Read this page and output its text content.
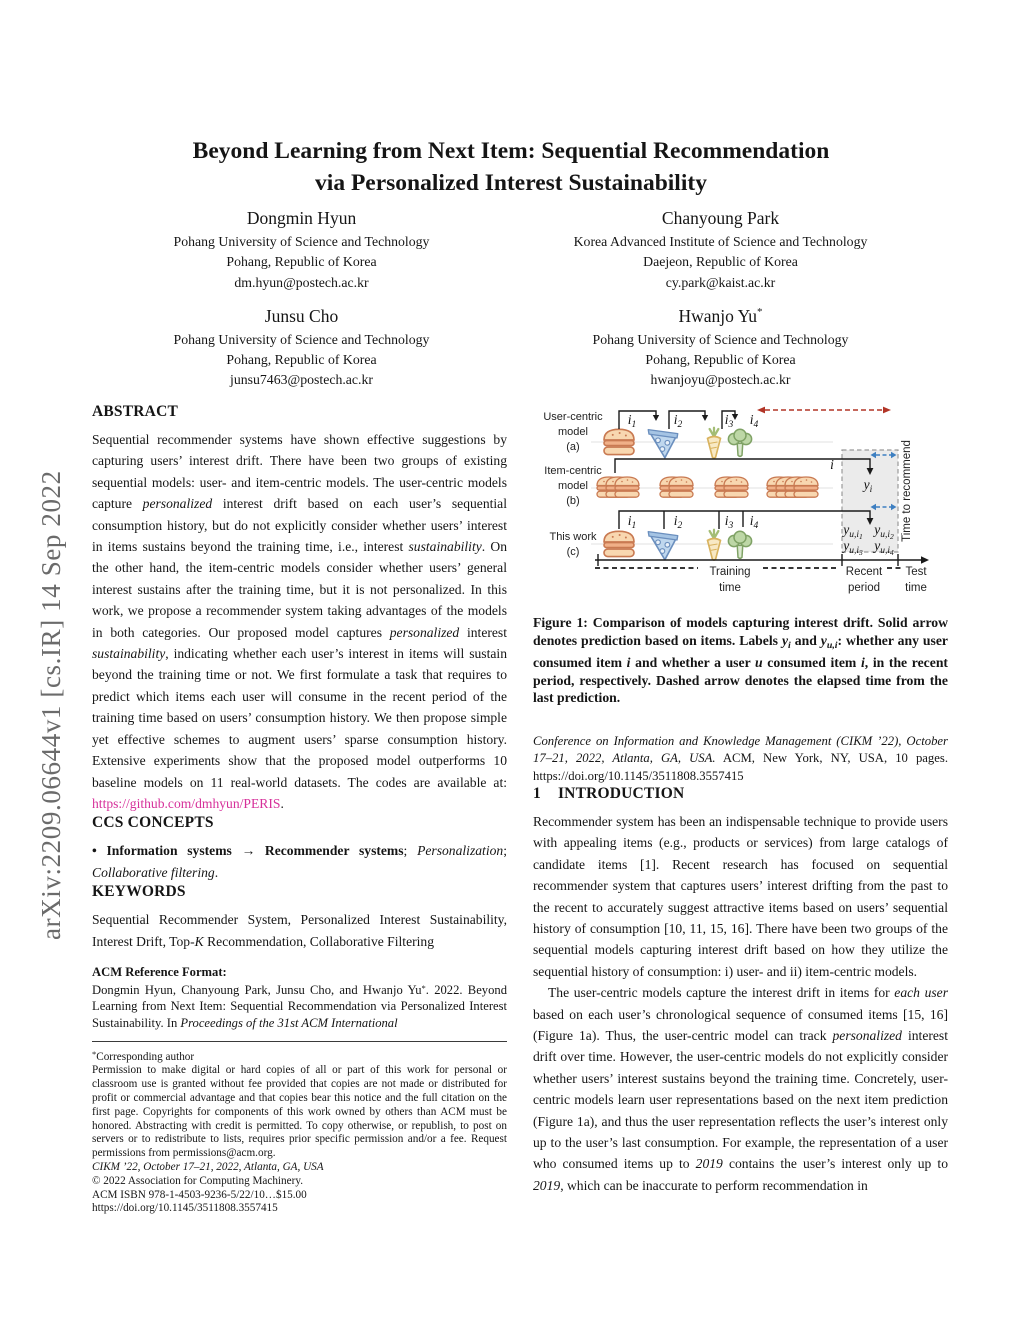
arXiv:2209.06644v1 [cs.IR] 14 Sep 2022
Beyond Learning from Next Item: Sequential Recommendation
via Personalized Interest Sustainability
Dongmin Hyun
Pohang University of Science and Technology
Pohang, Republic of Korea
dm.hyun@postech.ac.kr
Chanyoung Park
Korea Advanced Institute of Science and Technology
Daejeon, Republic of Korea
cy.park@kaist.ac.kr
Junsu Cho
Pohang University of Science and Technology
Pohang, Republic of Korea
junsu7463@postech.ac.kr
Hwanjo Yu*
Pohang University of Science and Technology
Pohang, Republic of Korea
hwanjoyu@postech.ac.kr
ABSTRACT

Sequential recommender systems have shown effective suggestions by capturing users’ interest drift. There have been two groups of existing sequential models: user- and item-centric models. The user-centric models capture personalized interest drift based on each user’s sequential consumption history, but do not explicitly consider whether users’ interest in items sustains beyond the training time, i.e., interest sustainability. On the other hand, the item-centric models consider whether users’ general interest sustains after the training time, but it is not personalized. In this work, we propose a recommender system taking advantages of the models in both categories. Our proposed model captures personalized interest sustainability, indicating whether each user’s interest in items will sustain beyond the training time or not. We first formulate a task that requires to predict which items each user will consume in the recent period of the training time based on users’ consumption history. We then propose simple yet effective schemes to augment users’ sparse consumption history. Extensive experiments show that the proposed model outperforms 10 baseline models on 11 real-world datasets. The codes are available at: https://github.com/dmhyun/PERIS.

CCS CONCEPTS

• Information systems → Recommender systems; Personalization; Collaborative filtering.

KEYWORDS

Sequential Recommender System, Personalized Interest Sustainability, Interest Drift, Top-K Recommendation, Collaborative Filtering

ACM Reference Format:
Dongmin Hyun, Chanyoung Park, Junsu Cho, and Hwanjo Yu*. 2022. Beyond Learning from Next Item: Sequential Recommendation via Personalized Interest Sustainability. In Proceedings of the 31st ACM International
*Corresponding author
Permission to make digital or hard copies of all or part of this work for personal or classroom use is granted without fee provided that copies are not made or distributed for profit or commercial advantage and that copies bear this notice and the full citation on the first page. Copyrights for components of this work owned by others than ACM must be honored. Abstracting with credit is permitted. To copy otherwise, or republish, to post on servers or to redistribute to lists, requires prior specific permission and/or a fee. Request permissions from permissions@acm.org.
CIKM ’22, October 17–21, 2022, Atlanta, GA, USA
© 2022 Association for Computing Machinery.
ACM ISBN 978-1-4503-9236-5/22/10…$15.00
https://doi.org/10.1145/3511808.3557415
User-centric
model
(a)
Item-centric
model
(b)
This work
(c)
$i_1$	$i_2$	$i_3$ $i_4$
i
$y_i$
$i_1$	$i_2$	$i_3$ $i_4$	$y_{u,i}1$ $y_{u,i}2$
$y_{u,i}3$ $y_{u,i}4$
Training
time
Recent
period
Test
time
Time to recommend

Figure 1: Comparison of models capturing interest drift. Solid arrow denotes prediction based on items. Labels $y_i$ and $y_{u,i}$: whether any user consumed item i and whether a user u consumed item i, in the recent period, respectively. Dashed arrow denotes the elapsed time from the last prediction.

Conference on Information and Knowledge Management (CIKM ’22), October 17–21, 2022, Atlanta, GA, USA. ACM, New York, NY, USA, 10 pages. https://doi.org/10.1145/3511808.3557415
1 INTRODUCTION

Recommender system has been an indispensable technique to provide users with appealing items (e.g., products or services) from large catalogs of candidate items [1]. Recent research has focused on sequential recommender system that captures users’ interest drifting from the past to the recent to accurately suggest attractive items based on users’ sequential history of consumption [10, 11, 15, 16]. There have been two groups of the sequential models capturing interest drift based on how they utilize the sequential history of consumption: i) user- and ii) item-centric models.

The user-centric models capture the interest drift in items for each user based on each user’s chronological sequence of consumed items [15, 16] (Figure 1a). Thus, the user-centric model can track personalized interest drift over time. However, the user-centric models do not explicitly consider whether users’ interest sustains beyond the training time. Concretely, user-centric models learn user representations based on the next item prediction (Figure 1a), and thus the user representation reflects the user’s interest only up to the user’s last consumption. For example, the representation of a user who consumed items up to 2019 contains the user’s interest only up to 2019, which can be inaccurate to perform recommendation in
